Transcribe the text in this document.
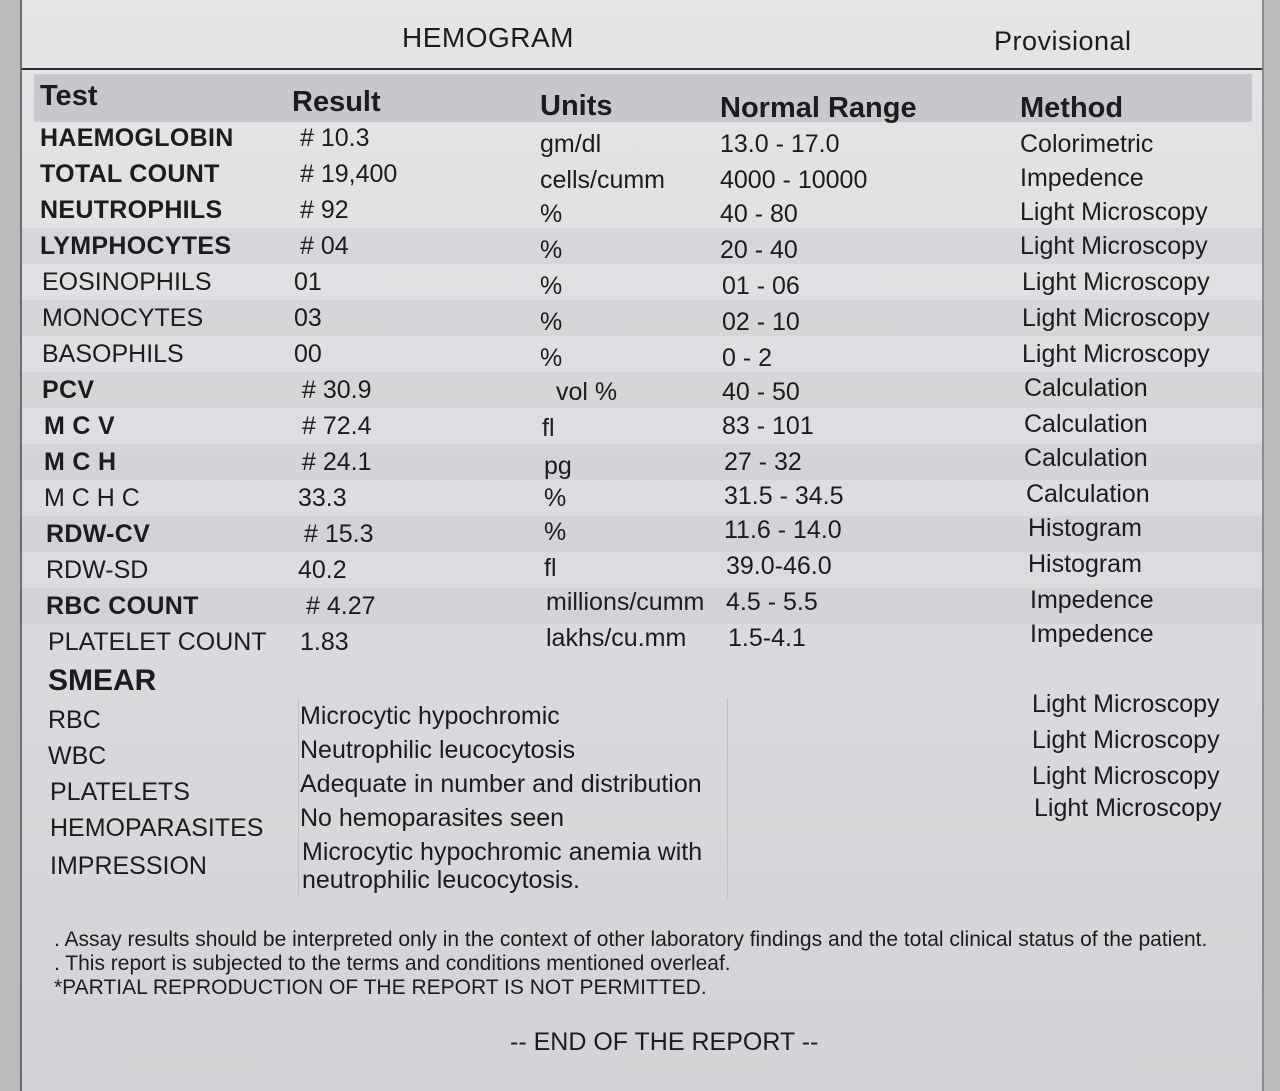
HEMOGRAM	Provisional
Test	Result	Units	Normal Range	Method
HAEMOGLOBIN	# 10.3	gm/dl	13.0 - 17.0	Colorimetric
TOTAL COUNT	# 19,400	cells/cumm 4000 - 10000	Impedence
NEUTROPHILS	# 92	%	40 - 80	Light Microscopy
LYMPHOCYTES	# 04	%	20 - 40	Light Microscopy
EOSINOPHILS	01	%	01 - 06	Light Microscopy
MONOCYTES	03	%	02 - 10	Light Microscopy
BASOPHILS	00	%	0 - 2	Light Microscopy
PCV	# 30.9	vol %	40 - 50	Calculation
M C V	# 72.4	fl	83 - 101	Calculation
M C H	# 24.1	pg	27 - 32	Calculation
M C H C	33.3	%	31.5 - 34.5	Calculation
RDW-CV	# 15.3	%	11.6 - 14.0	Histogram
RDW-SD	40.2	fl	39.0-46.0	Histogram
RBC COUNT	# 4.27	millions/cumm 4.5 - 5.5	Impedence
PLATELET COUNT 1.83	lakhs/cu.mm 1.5-4.1	Impedence
SMEAR
RBC	Microcytic hypochromic	Light Microscopy
WBC	Neutrophilic leucocytosis	Light Microscopy
PLATELETS	Adequate in number and distribution	Light Microscopy
HEMOPARASITES No hemoparasites seen	Light Microscopy
IMPRESSION	Microcytic hypochromic anemia with
neutrophilic leucocytosis.
. Assay results should be interpreted only in the context of other laboratory findings and the total clinical status of the patient.
. This report is subjected to the terms and conditions mentioned overleaf.
*PARTIAL REPRODUCTION OF THE REPORT IS NOT PERMITTED.
-- END OF THE REPORT --
